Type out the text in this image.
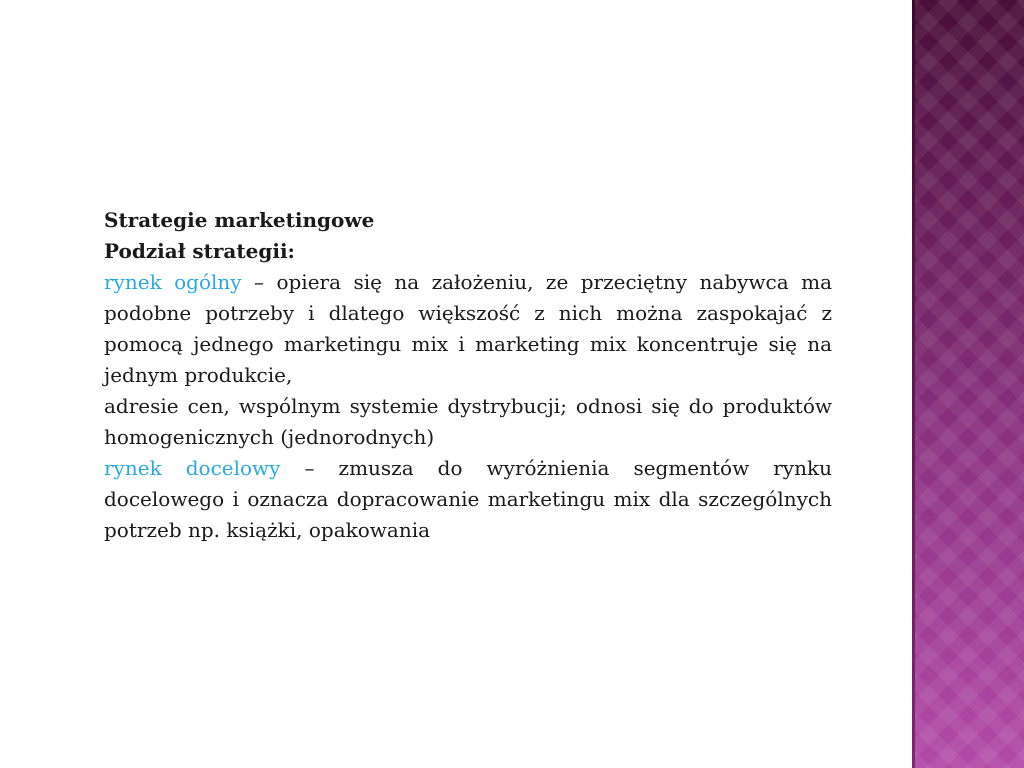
Strategie marketingowe

Podział strategii:

rynek ogólny – opiera się na założeniu, ze przeciętny nabywca ma podobne potrzeby i dlatego większość z nich można zaspokajać z pomocą jednego marketingu mix i marketing mix koncentruje się na jednym produkcie,

adresie cen, wspólnym systemie dystrybucji; odnosi się do produktów homogenicznych (jednorodnych)

rynek docelowy – zmusza do wyróżnienia segmentów rynku docelowego i oznacza dopracowanie marketingu mix dla szczególnych potrzeb np. książki, opakowania
